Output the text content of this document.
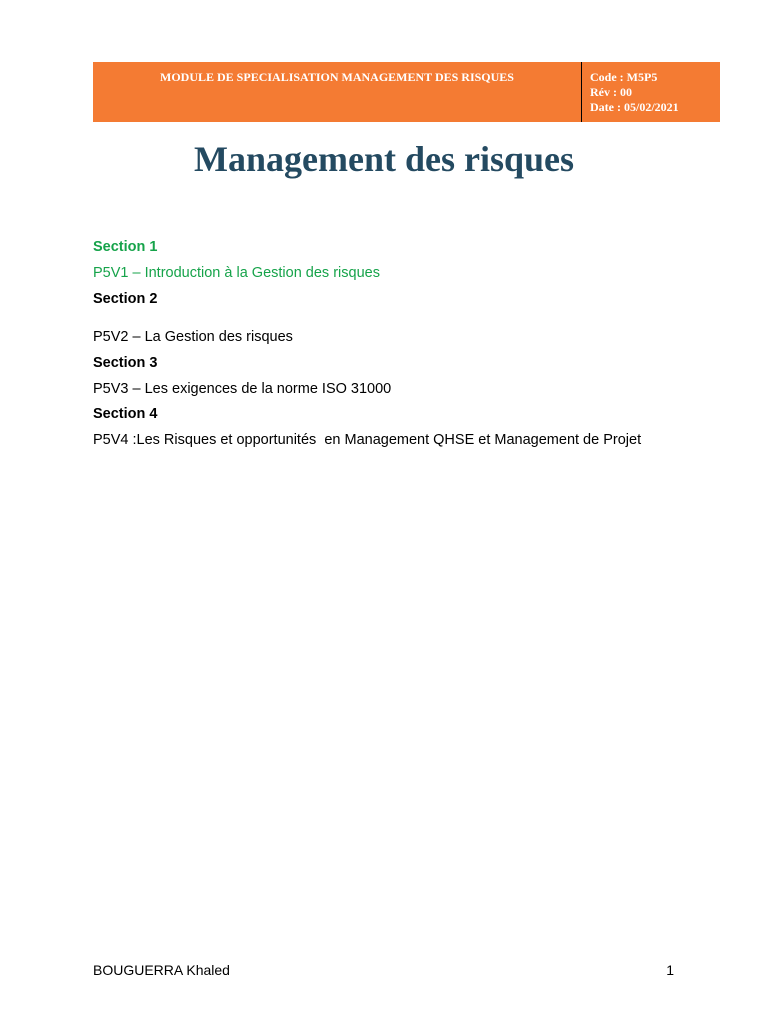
MODULE DE SPECIALISATION MANAGEMENT DES RISQUES	Code : M5P5
Rév : 00
Date : 05/02/2021
Management des risques

Section 1

P5V1 – Introduction à la Gestion des risques

Section 2

P5V2 – La Gestion des risques

Section 3

P5V3 – Les exigences de la norme ISO 31000

Section 4

P5V4 :Les Risques et opportunités  en Management QHSE et Management de Projet

BOUGUERRA Khaled	1
